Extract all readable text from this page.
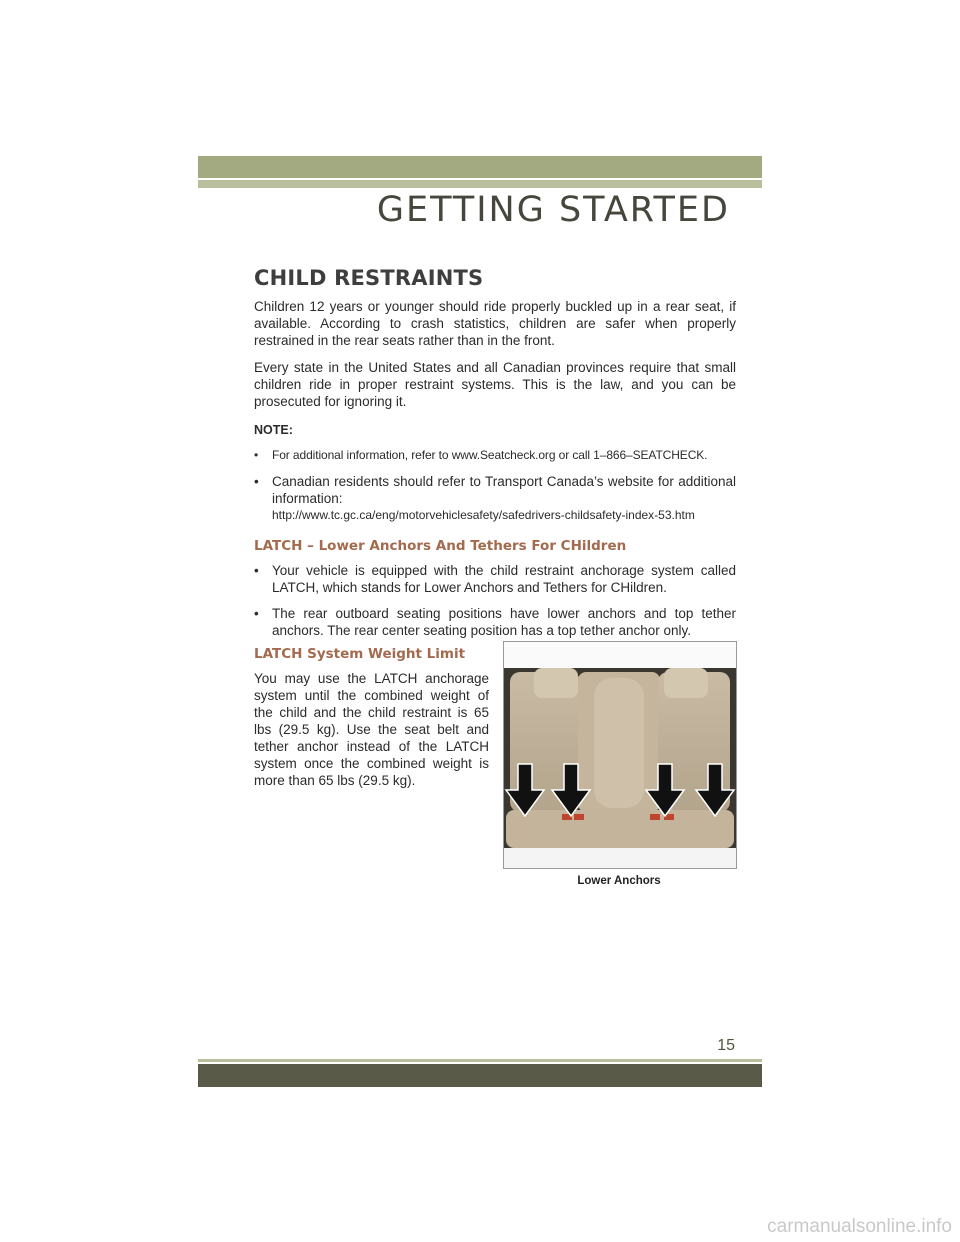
GETTING STARTED
CHILD RESTRAINTS

Children 12 years or younger should ride properly buckled up in a rear seat, if available. According to crash statistics, children are safer when properly restrained in the rear seats rather than in the front.

Every state in the United States and all Canadian provinces require that small children ride in proper restraint systems. This is the law, and you can be prosecuted for ignoring it.

NOTE:

• For additional information, refer to www.Seatcheck.org or call 1–866–SEATCHECK.
• Canadian residents should refer to Transport Canada’s website for additional information:
http://www.tc.gc.ca/eng/motorvehiclesafety/safedrivers-childsafety-index-53.htm
LATCH – Lower Anchors And Tethers For CHildren
• Your vehicle is equipped with the child restraint anchorage system called LATCH, which stands for Lower Anchors and Tethers for CHildren.
• The rear outboard seating positions have lower anchors and top tether anchors. The rear center seating position has a top tether anchor only.
LATCH System Weight Limit

You may use the LATCH anchorage system until the combined weight of the child and the child restraint is 65 lbs (29.5 kg). Use the seat belt and tether anchor instead of the LATCH system once the combined weight is more than 65 lbs (29.5 kg).

Lower Anchors
15
carmanualsonline.info
